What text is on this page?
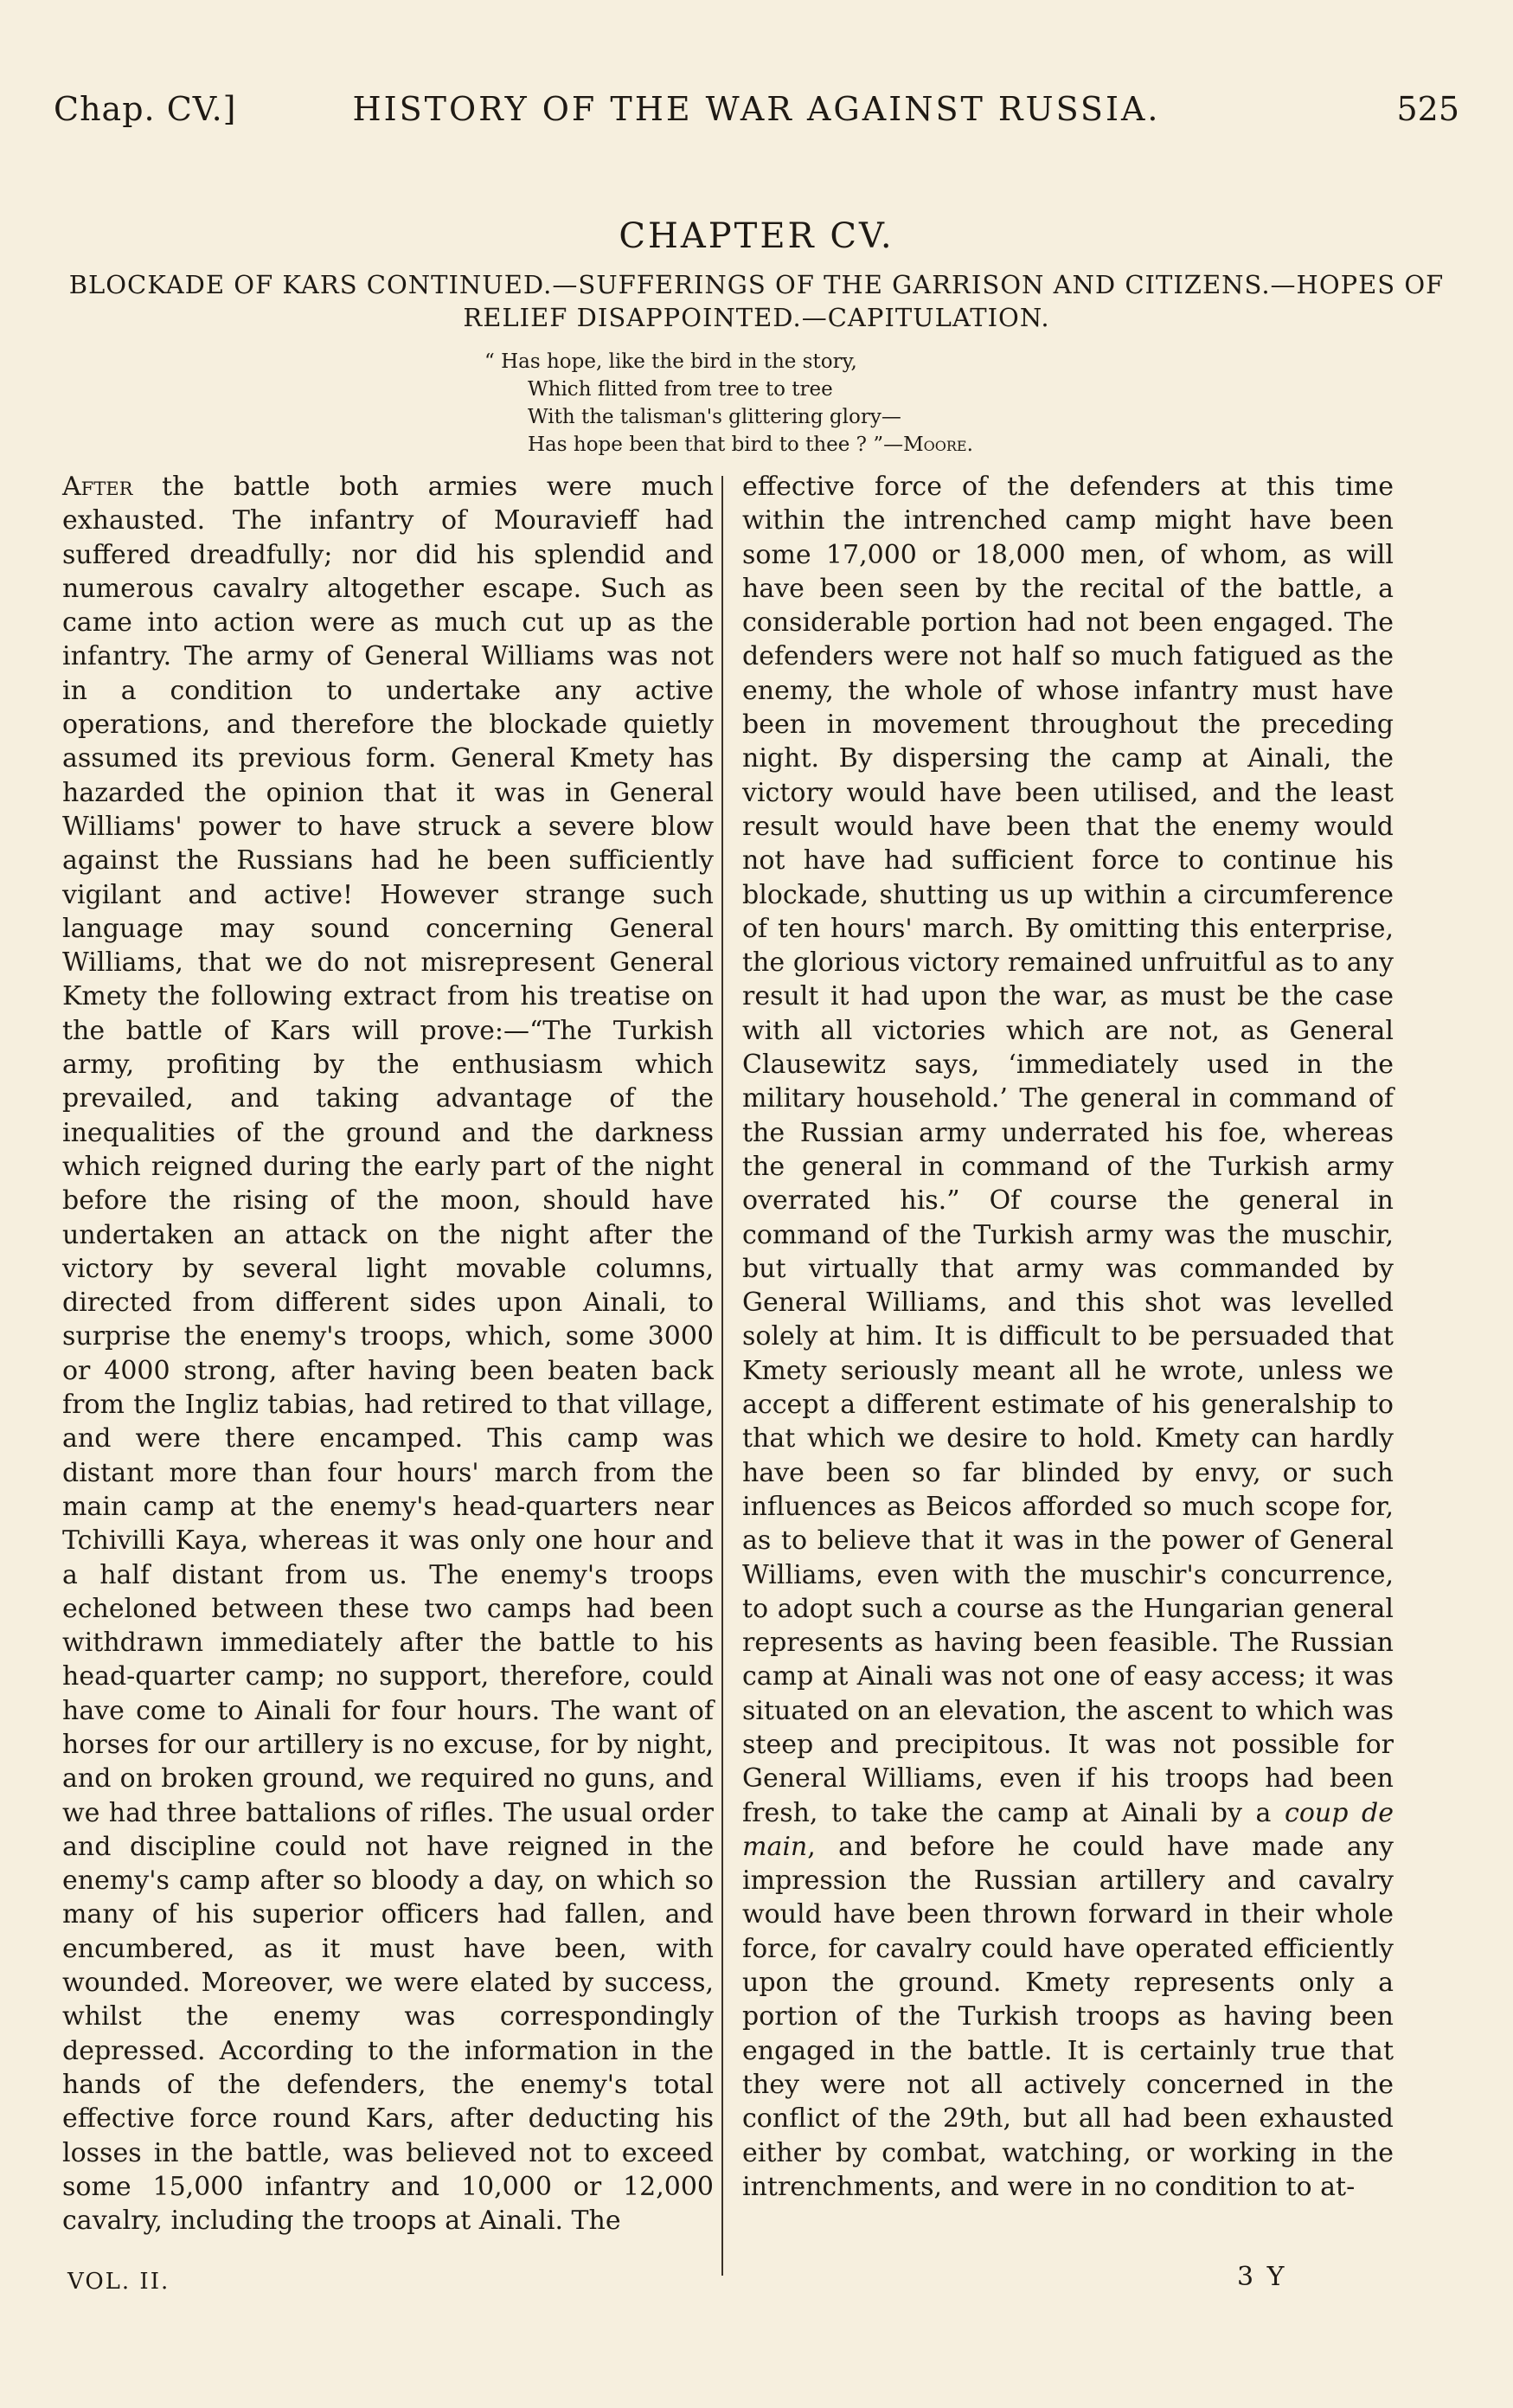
Chap. CV.]	HISTORY OF THE WAR AGAINST RUSSIA.	525
CHAPTER CV.
BLOCKADE OF KARS CONTINUED.—SUFFERINGS OF THE GARRISON AND CITIZENS.—HOPES OF RELIEF DISAPPOINTED.—CAPITULATION.
“ Has hope, like the bird in the story,
Which flitted from tree to tree
With the talisman's glittering glory—
Has hope been that bird to thee ? ”—Moore.

After the battle both armies were much exhausted. The infantry of Mouravieff had suffered dreadfully; nor did his splendid and numerous cavalry altogether escape. Such as came into action were as much cut up as the infantry. The army of General Williams was not in a condition to undertake any active operations, and therefore the blockade quietly assumed its previous form. General Kmety has hazarded the opinion that it was in General Williams' power to have struck a severe blow against the Russians had he been sufficiently vigilant and active! However strange such language may sound concerning General Williams, that we do not misrepresent General Kmety the following extract from his treatise on the battle of Kars will prove:—“The Turkish army, profiting by the enthusiasm which prevailed, and taking advantage of the inequalities of the ground and the darkness which reigned during the early part of the night before the rising of the moon, should have undertaken an attack on the night after the victory by several light movable columns, directed from different sides upon Ainali, to surprise the enemy's troops, which, some 3000 or 4000 strong, after having been beaten back from the Ingliz tabias, had retired to that village, and were there encamped. This camp was distant more than four hours' march from the main camp at the enemy's head-quarters near Tchivilli Kaya, whereas it was only one hour and a half distant from us. The enemy's troops echeloned between these two camps had been withdrawn immediately after the battle to his head-quarter camp; no support, therefore, could have come to Ainali for four hours. The want of horses for our artillery is no excuse, for by night, and on broken ground, we required no guns, and we had three battalions of rifles. The usual order and discipline could not have reigned in the enemy's camp after so bloody a day, on which so many of his superior officers had fallen, and encumbered, as it must have been, with wounded. Moreover, we were elated by success, whilst the enemy was correspondingly depressed. According to the information in the hands of the defenders, the enemy's total effective force round Kars, after deducting his losses in the battle, was believed not to exceed some 15,000 infantry and 10,000 or 12,000 cavalry, including the troops at Ainali. The

effective force of the defenders at this time within the intrenched camp might have been some 17,000 or 18,000 men, of whom, as will have been seen by the recital of the battle, a considerable portion had not been engaged. The defenders were not half so much fatigued as the enemy, the whole of whose infantry must have been in movement throughout the preceding night. By dispersing the camp at Ainali, the victory would have been utilised, and the least result would have been that the enemy would not have had sufficient force to continue his blockade, shutting us up within a circumference of ten hours' march. By omitting this enterprise, the glorious victory remained unfruitful as to any result it had upon the war, as must be the case with all victories which are not, as General Clausewitz says, ‘immediately used in the military household.’ The general in command of the Russian army underrated his foe, whereas the general in command of the Turkish army overrated his.” Of course the general in command of the Turkish army was the muschir, but virtually that army was commanded by General Williams, and this shot was levelled solely at him. It is difficult to be persuaded that Kmety seriously meant all he wrote, unless we accept a different estimate of his generalship to that which we desire to hold. Kmety can hardly have been so far blinded by envy, or such influences as Beicos afforded so much scope for, as to believe that it was in the power of General Williams, even with the muschir's concurrence, to adopt such a course as the Hungarian general represents as having been feasible. The Russian camp at Ainali was not one of easy access; it was situated on an elevation, the ascent to which was steep and precipitous. It was not possible for General Williams, even if his troops had been fresh, to take the camp at Ainali by a coup de main, and before he could have made any impression the Russian artillery and cavalry would have been thrown forward in their whole force, for cavalry could have operated efficiently upon the ground. Kmety represents only a portion of the Turkish troops as having been engaged in the battle. It is certainly true that they were not all actively concerned in the conflict of the 29th, but all had been exhausted either by combat, watching, or working in the intrenchments, and were in no condition to at-

VOL. II.	3 Y
